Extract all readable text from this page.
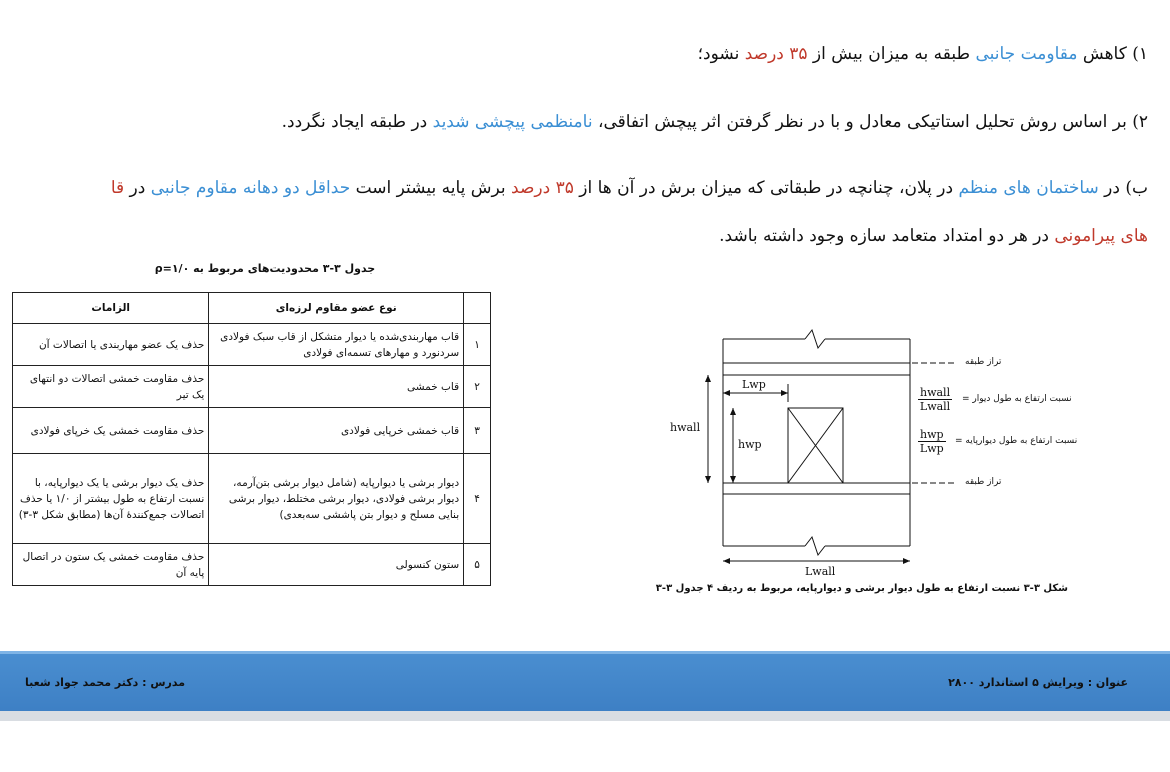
۱) کاهش مقاومت جانبی طبقه به میزان بیش از ۳۵ درصد نشود؛
۲) بر اساس روش تحلیل استاتیکی معادل و با در نظر گرفتن اثر پیچش اتفاقی، نامنظمی پیچشی شدید در طبقه ایجاد نگردد.
ب) در ساختمان های منظم در پلان، چنانچه در طبقاتی که میزان برش در آن ها از ۳۵ درصد برش پایه بیشتر است حداقل دو دهانه مقاوم جانبی در قا
های پیرامونی در هر دو امتداد متعامد سازه وجود داشته باشد.
جدول ۳-۳ محدودیت‌های مربوط به ρ=۱/۰
	نوع عضو مقاوم لرزه‌ای	الزامات
۱	قاب مهاربندی‌شده یا دیوار متشکل از قاب سبک فولادی سردنورد و مهارهای تسمه‌ای فولادی	حذف یک عضو مهاربندی یا اتصالات آن
۲	قاب خمشی	حذف مقاومت خمشی اتصالات دو انتهای یک تیر
۳	قاب خمشی خرپایی فولادی	حذف مقاومت خمشی یک خرپای فولادی
۴	دیوار برشی یا دیوارپایه (شامل دیوار برشی بتن‌آرمه، دیوار برشی فولادی، دیوار برشی مختلط، دیوار برشی بنایی مسلح و دیوار بتن پاششی سه‌بعدی)	حذف یک دیوار برشی یا یک دیوارپایه، با نسبت ارتفاع به طول بیشتر از ۱/۰ یا حذف اتصالات جمع‌کنندهٔ آن‌ها (مطابق شکل ۳-۳)
۵	ستون کنسولی	حذف مقاومت خمشی یک ستون در اتصال پایه آن
Lwp
hwall
hwp
Lwall
تراز طبقه
تراز طبقه
hwall
Lwall
نسبت ارتفاع به طول دیوار =
hwp
Lwp
نسبت ارتفاع به طول دیوارپایه =
شکل ۳-۳ نسبت ارتفاع به طول دیوار برشی و دیوارپایه، مربوط به ردیف ۴ جدول ۳-۳
عنوان : ویرایش ۵ استاندارد ۲۸۰۰
مدرس : دکتر محمد جواد شعبا
